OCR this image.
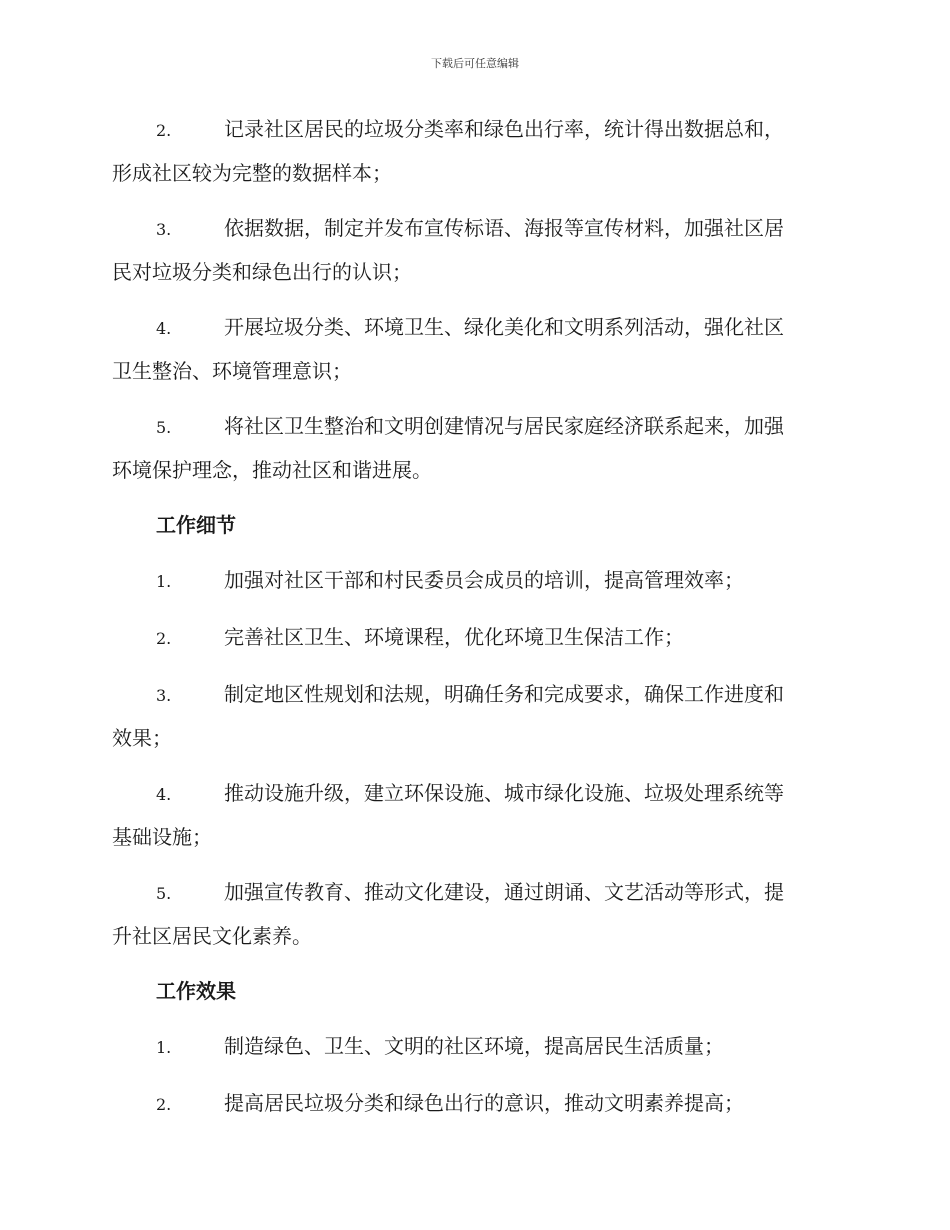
下载后可任意编辑
2.	记录社区居民的垃圾分类率和绿色出行率，统计得出数据总和，
形成社区较为完整的数据样本；
3.	依据数据，制定并发布宣传标语、海报等宣传材料，加强社区居
民对垃圾分类和绿色出行的认识；
4.	开展垃圾分类、环境卫生、绿化美化和文明系列活动，强化社区
卫生整治、环境管理意识；
5.	将社区卫生整治和文明创建情况与居民家庭经济联系起来，加强
环境保护理念，推动社区和谐进展。
工作细节
1.	加强对社区干部和村民委员会成员的培训，提高管理效率；
2.	完善社区卫生、环境课程，优化环境卫生保洁工作；
3.	制定地区性规划和法规，明确任务和完成要求，确保工作进度和
效果；
4.	推动设施升级，建立环保设施、城市绿化设施、垃圾处理系统等
基础设施；
5.	加强宣传教育、推动文化建设，通过朗诵、文艺活动等形式，提
升社区居民文化素养。
工作效果
1.	制造绿色、卫生、文明的社区环境，提高居民生活质量；
2.	提高居民垃圾分类和绿色出行的意识，推动文明素养提高；
